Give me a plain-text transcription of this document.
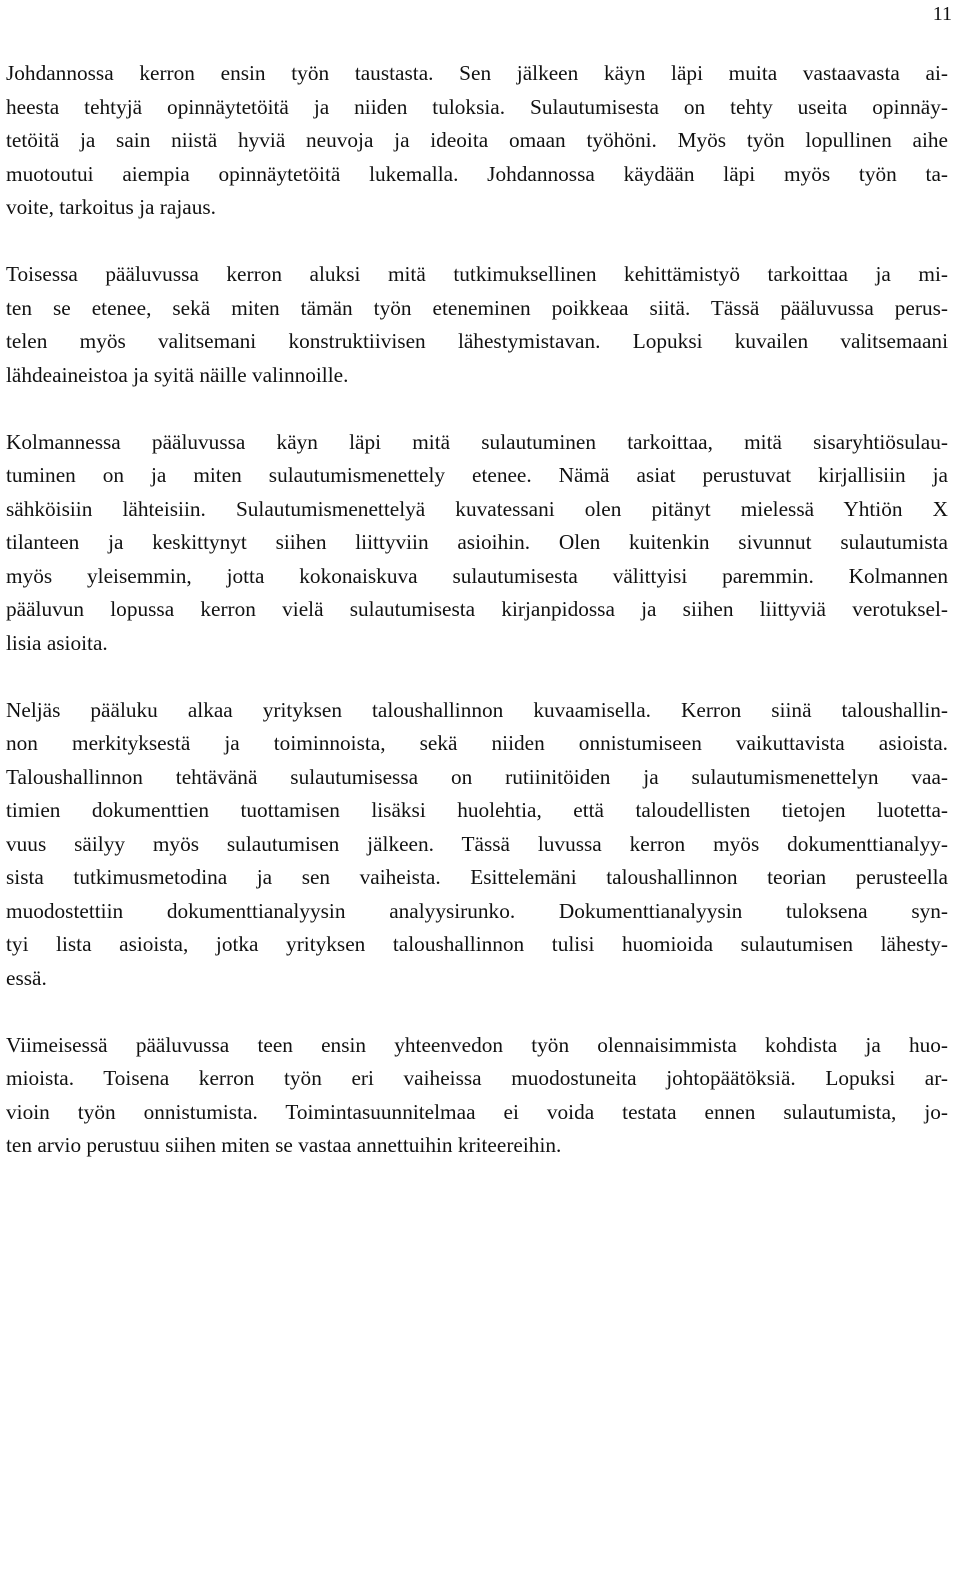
11

Johdannossa kerron ensin työn taustasta. Sen jälkeen käyn läpi muita vastaavasta ai-
heesta tehtyjä opinnäytetöitä ja niiden tuloksia. Sulautumisesta on tehty useita opinnäy-
tetöitä ja sain niistä hyviä neuvoja ja ideoita omaan työhöni. Myös työn lopullinen aihe
muotoutui aiempia opinnäytetöitä lukemalla. Johdannossa käydään läpi myös työn ta-
voite, tarkoitus ja rajaus.

Toisessa pääluvussa kerron aluksi mitä tutkimuksellinen kehittämistyö tarkoittaa ja mi-
ten se etenee, sekä miten tämän työn eteneminen poikkeaa siitä. Tässä pääluvussa perus-
telen myös valitsemani konstruktiivisen lähestymistavan. Lopuksi kuvailen valitsemaani
lähdeaineistoa ja syitä näille valinnoille.

Kolmannessa pääluvussa käyn läpi mitä sulautuminen tarkoittaa, mitä sisaryhtiösulau-
tuminen on ja miten sulautumismenettely etenee. Nämä asiat perustuvat kirjallisiin ja
sähköisiin lähteisiin. Sulautumismenettelyä kuvatessani olen pitänyt mielessä Yhtiön X
tilanteen ja keskittynyt siihen liittyviin asioihin. Olen kuitenkin sivunnut sulautumista
myös yleisemmin, jotta kokonaiskuva sulautumisesta välittyisi paremmin. Kolmannen
pääluvun lopussa kerron vielä sulautumisesta kirjanpidossa ja siihen liittyviä verotuksel-
lisia asioita.

Neljäs pääluku alkaa yrityksen taloushallinnon kuvaamisella. Kerron siinä taloushallin-
non merkityksestä ja toiminnoista, sekä niiden onnistumiseen vaikuttavista asioista.
Taloushallinnon tehtävänä sulautumisessa on rutiinitöiden ja sulautumismenettelyn vaa-
timien dokumenttien tuottamisen lisäksi huolehtia, että taloudellisten tietojen luotetta-
vuus säilyy myös sulautumisen jälkeen. Tässä luvussa kerron myös dokumenttianalyy-
sista tutkimusmetodina ja sen vaiheista. Esittelemäni taloushallinnon teorian perusteella
muodostettiin dokumenttianalyysin analyysirunko. Dokumenttianalyysin tuloksena syn-
tyi lista asioista, jotka yrityksen taloushallinnon tulisi huomioida sulautumisen lähesty-
essä.

Viimeisessä pääluvussa teen ensin yhteenvedon työn olennaisimmista kohdista ja huo-
mioista. Toisena kerron työn eri vaiheissa muodostuneita johtopäätöksiä. Lopuksi ar-
vioin työn onnistumista. Toimintasuunnitelmaa ei voida testata ennen sulautumista, jo-
ten arvio perustuu siihen miten se vastaa annettuihin kriteereihin.
